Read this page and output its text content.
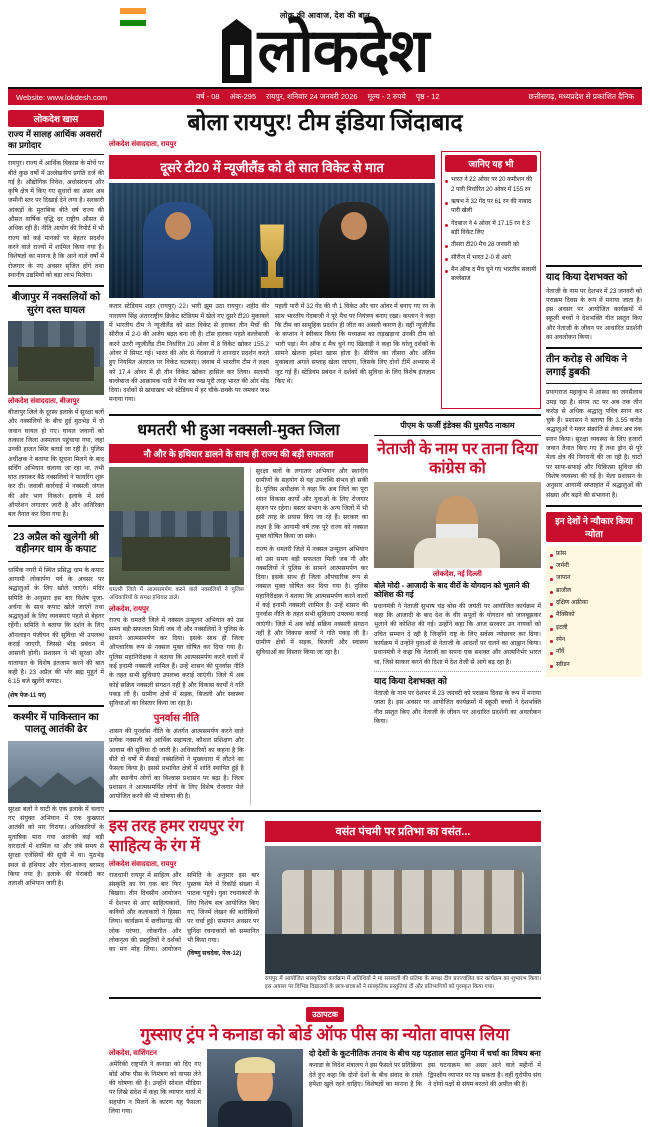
लोक की आवाज, देश की बात
लोकदेश
Website: www.lokdesh.com	वर्ष - 08 अंक-295 रायपुर, शनिवार 24 जनवरी 2026 मूल्य - 2 रुपये पृष्ठ - 12	छत्तीसगढ़, मध्यप्रदेश से प्रकाशित दैनिक
लोकदेश खास
राज्य में सालह आर्थिक अवसरों का प्रगोदार

रायपुर। राज्य में आर्थिक विकास के मोर्चे पर बीते कुछ वर्षों में उल्लेखनीय प्रगति दर्ज की गई है। औद्योगिक निवेश, अधोसंरचना और कृषि क्षेत्र में किए गए सुधारों का असर अब जमीनी स्तर पर दिखाई देने लगा है। सरकारी आंकड़ों के मुताबिक बीते वर्ष राज्य की औसत वार्षिक वृद्धि दर राष्ट्रीय औसत से अधिक रही है। नीति आयोग की रिपोर्ट में भी राज्य को कई मानकों पर बेहतर प्रदर्शन करने वाले राज्यों में शामिल किया गया है। विशेषज्ञों का मानना है कि आने वाले वर्षों में रोजगार के नए अवसर सृजित होंगे तथा स्थानीय उद्यमियों को बड़ा लाभ मिलेगा।

बीजापुर में नक्सलियों को सुरंग दस्त घायल
लोकदेश संवाददाता, बीजापुर

बीजापुर जिले के दूरस्थ इलाके में सुरक्षा बलों और नक्सलियों के बीच हुई मुठभेड़ में दो जवान घायल हो गए। घायल जवानों को तत्काल जिला अस्पताल पहुंचाया गया, जहां उनकी हालत स्थिर बताई जा रही है। पुलिस अधीक्षक ने बताया कि सूचना मिलने के बाद सर्चिंग अभियान चलाया जा रहा था, तभी घात लगाकर बैठे नक्सलियों ने फायरिंग शुरू कर दी। जवाबी कार्रवाई में नक्सली जंगल की ओर भाग निकले। इलाके में सर्च ऑपरेशन लगातार जारी है और अतिरिक्त बल तैनात कर दिया गया है।

23 अप्रैल को खुलेगी श्री वहीनगर धाम के कपाट

धार्मिक नगरी में स्थित प्रसिद्ध धाम के कपाट आगामी लोकार्पण पर्व के अवसर पर श्रद्धालुओं के लिए खोले जाएंगे। मंदिर समिति के अनुसार इस बार विशेष पूजा-अर्चना के साथ कपाट खोले जाएंगे तथा श्रद्धालुओं के लिए व्यवस्थाएं पहले से बेहतर रहेंगी। समिति ने बताया कि दर्शन के लिए ऑनलाइन पंजीयन की सुविधा भी उपलब्ध कराई जाएगी, जिससे भीड़ प्रबंधन में आसानी होगी। प्रशासन ने भी सुरक्षा और यातायात के विशेष इंतजाम करने की बात कही है। 23 अप्रैल की भोर ब्रह्म मुहूर्त में 6:15 बजे खुलेंगे कपाट।

(शेष पेज-11 पर)

कश्मीर में पाकिस्तान का पालतू आतंकी ढेर

सुरक्षा बलों ने घाटी के एक इलाके में चलाए गए संयुक्त अभियान में एक कुख्यात आतंकी को मार गिराया। अधिकारियों के मुताबिक मारा गया आतंकी कई बड़ी वारदातों में शामिल था और लंबे समय से सुरक्षा एजेंसियों की सूची में था। मुठभेड़ स्थल से हथियार और गोला-बारूद बरामद किया गया है। इलाके की घेराबंदी कर तलाशी अभियान जारी है।

बोला रायपुर! टीम इंडिया जिंदाबाद
लोकदेश संवाददाता, रायपुर
दूसरे टी20 में न्यूजीलैंड को दी सात विकेट से मात

कतार स्टेडियम शहर (रायपुर) 22। भारी झूम उठा रायपुर। शहीद वीर नारायण सिंह अंतरराष्ट्रीय क्रिकेट स्टेडियम में खेले गए दूसरे टी20 मुकाबले में भारतीय टीम ने न्यूजीलैंड को सात विकेट से हराकर तीन मैचों की सीरीज में 2-0 की अजेय बढ़त बना ली है। टॉस हारकर पहले बल्लेबाजी करने उतरी न्यूजीलैंड टीम निर्धारित 20 ओवर में 8 विकेट खोकर 155.2 ओवर में सिमट गई। भारत की ओर से गेंदबाजों ने शानदार प्रदर्शन करते हुए नियमित अंतराल पर विकेट चटकाए। जवाब में भारतीय टीम ने लक्ष्य को 17.4 ओवर में ही तीन विकेट खोकर हासिल कर लिया। सलामी बल्लेबाज की आक्रामक पारी ने मैच का रुख पूरी तरह भारत की ओर मोड़ दिया। दर्शकों से खचाखच भरे स्टेडियम में हर चौके-छक्के पर जमकर जश्न मनाया गया।

पहली पारी में 32 गेंद की नौ 1 विकेट और चार ओवर में बनाए गए रन के साथ भारतीय गेंदबाजी ने पूरे मैच पर नियंत्रण बनाए रखा। कप्तान ने कहा कि टीम का सामूहिक प्रदर्शन ही जीत का असली कारण है। वहीं न्यूजीलैंड के कप्तान ने स्वीकार किया कि मध्यक्रम का लड़खड़ाना उनकी टीम को भारी पड़ा। मैन ऑफ द मैच चुने गए खिलाड़ी ने कहा कि घरेलू दर्शकों के सामने खेलना हमेशा खास होता है। सीरीज का तीसरा और अंतिम मुकाबला अगले सप्ताह खेला जाएगा, जिसके लिए दोनों टीमें अभ्यास में जुट गई हैं। स्टेडियम प्रबंधन ने दर्शकों की सुविधा के लिए विशेष इंतजाम किए थे।

जानिए यह भी
भारत ने 22 ओवर पर 20 कमीशन की 2 पारी निर्धारित 20 ओवर में 155 रन
ऋषभ ने 32 गेंद पर 61 रन की नाबाद पारी खेली
गेंदबाज ने 4 ओवर में 17.15 रन दे 3 बड़ी विकेट लिए
तीसरा टी20 मैच 28 जनवरी को
सीरीज में भारत 2-0 से आगे
मैन ऑफ द मैच चुने गए भारतीय सलामी बल्लेबाज
धमतरी भी हुआ नक्सली-मुक्त जिला
नौ और के हथियार डालने के साथ ही राज्य की बड़ी सफलता
धमतरी जिले में आत्मसमर्पण करने वाले नक्सलियों ने पुलिस अधिकारियों के समक्ष हथियार डाले।
लोकदेश, रायपुर

राज्य के धमतरी जिले में नक्सल उन्मूलन अभियान को उस समय बड़ी सफलता मिली जब नौ और नक्सलियों ने पुलिस के सामने आत्मसमर्पण कर दिया। इसके साथ ही जिला औपचारिक रूप से नक्सल मुक्त घोषित कर दिया गया है। पुलिस महानिरीक्षक ने बताया कि आत्मसमर्पण करने वालों में कई इनामी नक्सली शामिल हैं। उन्हें शासन की पुनर्वास नीति के तहत सभी सुविधाएं उपलब्ध कराई जाएंगी। जिले में अब कोई सक्रिय नक्सली संगठन नहीं है और विकास कार्यों ने गति पकड़ ली है। ग्रामीण क्षेत्रों में सड़क, बिजली और स्वास्थ्य सुविधाओं का विस्तार किया जा रहा है।

पुनर्वास नीति

शासन की पुनर्वास नीति के अंतर्गत आत्मसमर्पण करने वाले प्रत्येक नक्सली को आर्थिक सहायता, कौशल प्रशिक्षण और आवास की सुविधा दी जाती है। अधिकारियों का कहना है कि बीते दो वर्षों में सैकड़ों नक्सलियों ने मुख्यधारा में लौटने का फैसला किया है। इससे प्रभावित क्षेत्रों में शांति स्थापित हुई है और स्थानीय लोगों का विश्वास प्रशासन पर बढ़ा है। जिला प्रशासन ने आत्मसमर्पित लोगों के लिए विशेष रोजगार मेले आयोजित करने की भी घोषणा की है।

सुरक्षा बलों के लगातार अभियान और स्थानीय ग्रामीणों के सहयोग से यह उपलब्धि संभव हो सकी है। पुलिस अधीक्षक ने कहा कि अब जिले का पूरा ध्यान विकास कार्यों और युवाओं के लिए रोजगार सृजन पर रहेगा। बस्तर संभाग के अन्य जिलों में भी इसी तरह के प्रयास किए जा रहे हैं। सरकार का लक्ष्य है कि आगामी वर्ष तक पूरे राज्य को नक्सल मुक्त घोषित किया जा सके।

राज्य के धमतरी जिले में नक्सल उन्मूलन अभियान को उस समय बड़ी सफलता मिली जब नौ और नक्सलियों ने पुलिस के सामने आत्मसमर्पण कर दिया। इसके साथ ही जिला औपचारिक रूप से नक्सल मुक्त घोषित कर दिया गया है। पुलिस महानिरीक्षक ने बताया कि आत्मसमर्पण करने वालों में कई इनामी नक्सली शामिल हैं। उन्हें शासन की पुनर्वास नीति के तहत सभी सुविधाएं उपलब्ध कराई जाएंगी। जिले में अब कोई सक्रिय नक्सली संगठन नहीं है और विकास कार्यों ने गति पकड़ ली है। ग्रामीण क्षेत्रों में सड़क, बिजली और स्वास्थ्य सुविधाओं का विस्तार किया जा रहा है।

पीएम के फर्जी इंडेक्स की घुसपैठ नाकाम
नेताजी के नाम पर ताना दिया कांग्रेस को
लोकदेश, नई दिल्ली
बोले मोदी - आजादी के बाद वीरों के योगदान को भुलाने की कोशिश की गई

प्रधानमंत्री ने नेताजी सुभाष चंद्र बोस की जयंती पर आयोजित कार्यक्रम में कहा कि आजादी के बाद देश के वीर सपूतों के योगदान को जानबूझकर भुलाने की कोशिश की गई। उन्होंने कहा कि आज सरकार उन नायकों को उचित सम्मान दे रही है जिन्होंने राष्ट्र के लिए सर्वस्व न्योछावर कर दिया। कार्यक्रम में उन्होंने युवाओं से नेताजी के आदर्शों पर चलने का आह्वान किया। प्रधानमंत्री ने कहा कि नेताजी का सपना एक सशक्त और आत्मनिर्भर भारत था, जिसे साकार करने की दिशा में देश तेजी से आगे बढ़ रहा है।

याद किया देशभक्त को

नेताजी के नाम पर देशभर में 23 जनवरी को पराक्रम दिवस के रूप में मनाया जाता है। इस अवसर पर आयोजित कार्यक्रमों में स्कूली बच्चों ने देशभक्ति गीत प्रस्तुत किए और नेताजी के जीवन पर आधारित प्रदर्शनी का अवलोकन किया।

इस तरह हमर रायपुर रंग साहित्य के रंग में
लोकदेश संवाददाता, रायपुर

राजधानी रायपुर में साहित्य और संस्कृति का रंग एक बार फिर बिखरा। तीन दिवसीय आयोजन में देशभर से आए साहित्यकारों, कवियों और कलाकारों ने हिस्सा लिया। कार्यक्रम में छत्तीसगढ़ की लोक परंपरा, लोकगीत और लोकनृत्य की प्रस्तुतियों ने दर्शकों का मन मोह लिया। आयोजन समिति के अनुसार इस बार पुस्तक मेले में रिकॉर्ड संख्या में पाठक पहुंचे। युवा रचनाकारों के लिए विशेष सत्र आयोजित किए गए, जिनमें लेखन की बारीकियों पर चर्चा हुई। समापन अवसर पर चुनिंदा रचनाकारों को सम्मानित भी किया गया।

(विष्णु सचदेवा, पेज-12)

वसंत पंचमी पर प्रतिभा का वसंत...
रायपुर में आयोजित सांस्कृतिक कार्यक्रम में अतिथियों ने मां सरस्वती की प्रतिमा के समक्ष दीप प्रज्ज्वलित कर कार्यक्रम का शुभारंभ किया। इस अवसर पर विभिन्न विद्यालयों के छात्र-छात्राओं ने सांस्कृतिक प्रस्तुतियां दीं और प्रतिभागियों को पुरस्कृत किया गया।
उठापटक
गुस्साए ट्रंप ने कनाडा को बोर्ड ऑफ पीस का न्योता वापस लिया
लोकदेश, वाशिंगटन

अमेरिकी राष्ट्रपति ने कनाडा को दिए गए बोर्ड ऑफ पीस के निमंत्रण को वापस लेने की घोषणा की है। उन्होंने सोशल मीडिया पर लिखे संदेश में कहा कि व्यापार वार्ता में सहयोग न मिलने के कारण यह फैसला लिया गया।

दो देशों के कूटनीतिक तनाव के बीच यह पड़ताल सात दुनिया में चर्चा का विषय बना

कनाडा के विदेश मंत्रालय ने इस फैसले पर प्रतिक्रिया देते हुए कहा कि दोनों देशों के बीच संवाद के रास्ते हमेशा खुले रहने चाहिए। विशेषज्ञों का मानना है कि इस घटनाक्रम का असर आने वाले महीनों में द्विपक्षीय व्यापार पर पड़ सकता है। वहीं यूरोपीय संघ ने दोनों पक्षों से संयम बरतने की अपील की है।

याद किया देशभक्त को

नेताजी के नाम पर देशभर में 23 जनवरी को पराक्रम दिवस के रूप में मनाया जाता है। इस अवसर पर आयोजित कार्यक्रमों में स्कूली बच्चों ने देशभक्ति गीत प्रस्तुत किए और नेताजी के जीवन पर आधारित प्रदर्शनी का अवलोकन किया।

तीन करोड़ से अधिक ने लगाई डुबकी

प्रयागराज महाकुंभ में आस्था का जनसैलाब उमड़ रहा है। संगम तट पर अब तक तीन करोड़ से अधिक श्रद्धालु पवित्र स्नान कर चुके हैं। प्रशासन ने बताया कि 3.55 करोड़ श्रद्धालुओं ने मकर संक्रांति से लेकर अब तक स्नान किया। सुरक्षा व्यवस्था के लिए हजारों जवान तैनात किए गए हैं तथा ड्रोन से पूरे मेला क्षेत्र की निगरानी की जा रही है। घाटों पर साफ-सफाई और चिकित्सा सुविधा की विशेष व्यवस्था की गई है। मेला प्रशासन के अनुसार आगामी सप्ताहांत में श्रद्धालुओं की संख्या और बढ़ने की संभावना है।

इन देशों ने न्यौकार किया न्योता
फ्रांस
जर्मनी
जापान
ब्राजील
दक्षिण अफ्रीका
मैक्सिको
इटली
स्पेन
नॉर्वे
स्वीडन
